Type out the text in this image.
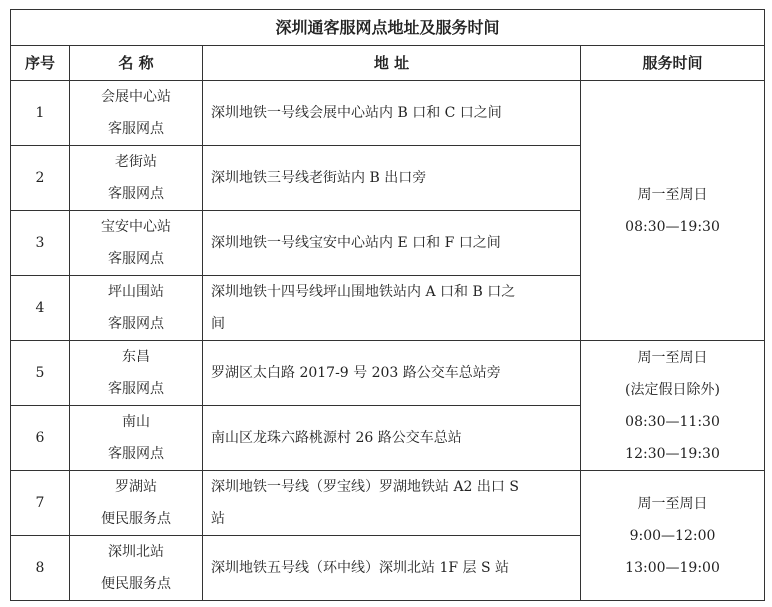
深圳通客服网点地址及服务时间			
序号	名 称	地 址	服务时间
1	会展中心站
客服网点	深圳地铁一号线会展中心站内 B 口和 C 口之间	周一至周日
08:30—19:30

2	老街站
客服网点	深圳地铁三号线老街站内 B 出口旁	

3	宝安中心站
客服网点	深圳地铁一号线宝安中心站内 E 口和 F 口之间	

4	坪山围站
客服网点	深圳地铁十四号线坪山围地铁站内 A 口和 B 口之
间	

5	东昌
客服网点	罗湖区太白路 2017-9 号 203 路公交车总站旁	周一至周日
(法定假日除外)
08:30—11:30
12:30—19:30

6	南山
客服网点	南山区龙珠六路桃源村 26 路公交车总站	

7	罗湖站
便民服务点	深圳地铁一号线（罗宝线）罗湖地铁站 A2 出口 S
站	周一至周日
9:00—12:00
13:00—19:00

8	深圳北站
便民服务点	深圳地铁五号线（环中线）深圳北站 1F 层 S 站	
